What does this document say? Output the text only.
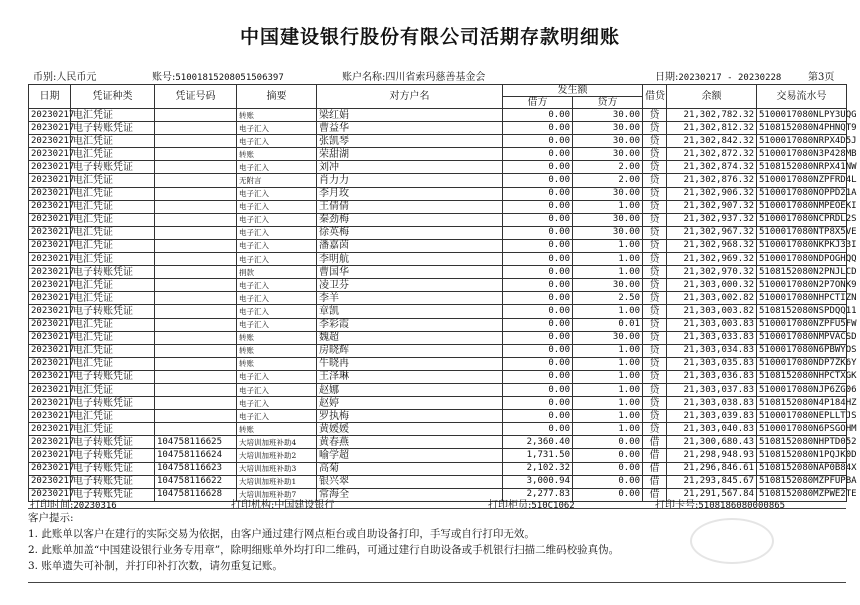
中国建设银行股份有限公司活期存款明细账
币别:人民币元	账号:51001815208051506397	账户名称:四川省索玛慈善基金会	日期:20230217 - 20230228	第3页
日期	凭证种类	凭证号码	摘要	对方户名	发生额		借贷	余额	交易流水号
					借方	贷方			
20230217	电汇凭证		转账	梁红娟	0.00	30.00	贷	21,302,782.32	5100017080NLPY3UQG
20230217	电子转账凭证		电子汇入	曹益华	0.00	30.00	贷	21,302,812.32	5108152080N4PHNQT9
20230217	电汇凭证		电子汇入	张凯琴	0.00	30.00	贷	21,302,842.32	5100017080NRPX4D5J
20230217	电汇凭证		转账	荣甜湖	0.00	30.00	贷	21,302,872.32	5100017080N3P428MB
20230217	电子转账凭证		电子汇入	刘冲	0.00	2.00	贷	21,302,874.32	5108152080NRPX41NW
20230217	电汇凭证		无附言	肖力力	0.00	2.00	贷	21,302,876.32	5100017080NZPFRD4L
20230217	电汇凭证		电子汇入	李月玫	0.00	30.00	贷	21,302,906.32	5100017080NOPPD21A
20230217	电汇凭证		电子汇入	王倩倩	0.00	1.00	贷	21,302,907.32	5100017080NMPEOEKI
20230217	电汇凭证		电子汇入	秦劲梅	0.00	30.00	贷	21,302,937.32	5100017080NCPRDL2S
20230217	电汇凭证		电子汇入	徐英梅	0.00	30.00	贷	21,302,967.32	5100017080NTP8X5VE
20230217	电汇凭证		电子汇入	潘嘉茵	0.00	1.00	贷	21,302,968.32	5100017080NKPKJ33I
20230217	电汇凭证		电子汇入	李明航	0.00	1.00	贷	21,302,969.32	5100017080NDPOGHQQ
20230217	电子转账凭证		捐款	曹国华	0.00	1.00	贷	21,302,970.32	5108152080N2PNJLCD
20230217	电汇凭证		电子汇入	凌卫芬	0.00	30.00	贷	21,303,000.32	5100017080N2P7ONK9
20230217	电汇凭证		电子汇入	李羊	0.00	2.50	贷	21,303,002.82	5100017080NHPCTIZN
20230217	电子转账凭证		电子汇入	章凯	0.00	1.00	贷	21,303,003.82	5108152080NSPDQQ11
20230217	电汇凭证		电子汇入	李彩霞	0.00	0.01	贷	21,303,003.83	5100017080NZPFU5FW
20230217	电汇凭证		转账	魏超	0.00	30.00	贷	21,303,033.83	5100017080NMPVACSD
20230217	电汇凭证		转账	房晓辉	0.00	1.00	贷	21,303,034.83	5100017080N6PBWYOS
20230217	电汇凭证		转账	牛晓冉	0.00	1.00	贷	21,303,035.83	5100017080NDP7ZK6Y
20230217	电子转账凭证		电子汇入	王泽琳	0.00	1.00	贷	21,303,036.83	5108152080NHPCTXGK
20230217	电汇凭证		电子汇入	赵娜	0.00	1.00	贷	21,303,037.83	5100017080NJP6ZG06
20230217	电子转账凭证		电子汇入	赵婷	0.00	1.00	贷	21,303,038.83	5108152080N4P184HZ
20230217	电汇凭证		电子汇入	罗执梅	0.00	1.00	贷	21,303,039.83	5100017080NEPLLTJS
20230217	电汇凭证		转账	黄媛媛	0.00	1.00	贷	21,303,040.83	5100017080N6PSGOHM
20230217	电子转账凭证	104758116625	大培训加班补助4	黄春燕	2,360.40	0.00	借	21,300,680.43	5108152080NHPTD052
20230217	电子转账凭证	104758116624	大培训加班补助2	喻学超	1,731.50	0.00	借	21,298,948.93	5108152080N1PQJK0D
20230217	电子转账凭证	104758116623	大培训加班补助3	高菊	2,102.32	0.00	借	21,296,846.61	5108152080NAP0B84X
20230217	电子转账凭证	104758116622	大培训加班补助1	银兴翠	3,000.94	0.00	借	21,293,845.67	5108152080MZPFUPBA
20230217	电子转账凭证	104758116628	大培训加班补助7	常海全	2,277.83	0.00	借	21,291,567.84	5108152080MZPWE2TE
打印时间:20230316	打印机构:中国建设银行	打印柜员:510C1062	打印卡号:5108186080000865
客户提示:
1. 此账单以客户在建行的实际交易为依据，由客户通过建行网点柜台或自助设备打印，手写或自行打印无效。
2. 此账单加盖“中国建设银行业务专用章”，除明细账单外均打印二维码，可通过建行自助设备或手机银行扫描二维码校验真伪。
3. 账单遗失可补制，并打印补打次数，请勿重复记账。
